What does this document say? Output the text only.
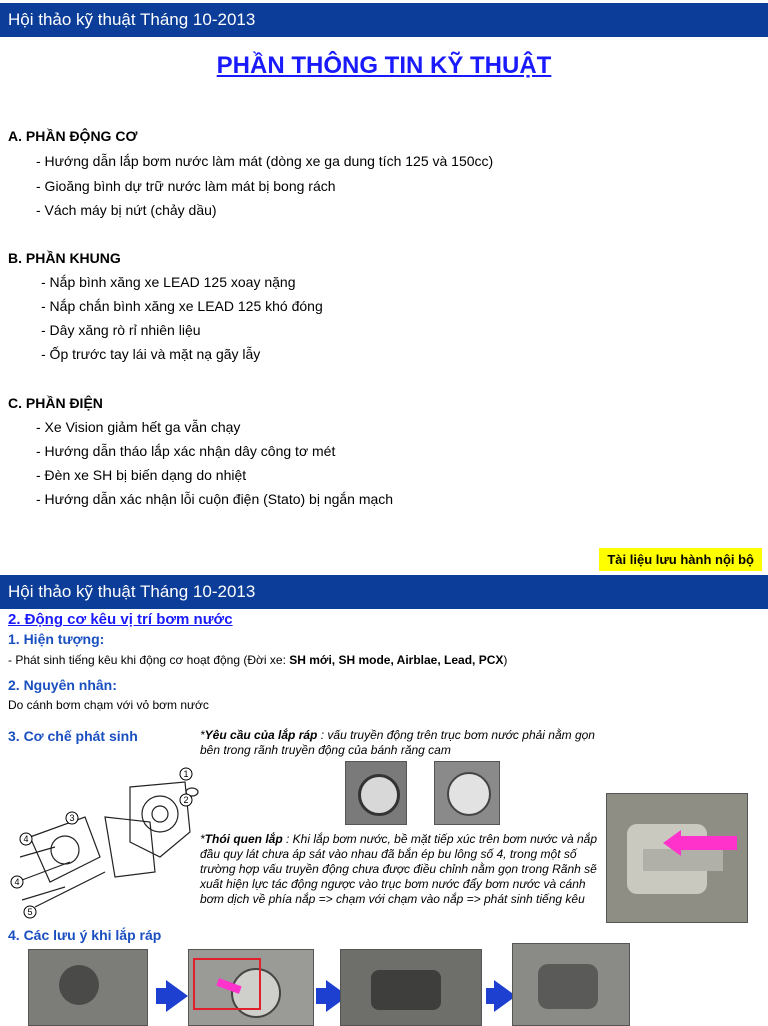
Hội thảo kỹ thuật Tháng 10-2013
PHẦN THÔNG TIN KỸ THUẬT
A. PHẦN ĐỘNG CƠ
- Hướng dẫn lắp bơm nước làm mát (dòng xe ga dung tích 125 và 150cc)
- Gioăng bình dự trữ nước làm mát bị bong rách
- Vách máy bị nứt (chảy dầu)
B. PHẦN KHUNG
- Nắp bình xăng xe LEAD 125 xoay nặng
- Nắp chắn bình xăng xe LEAD 125 khó đóng
- Dây xăng rò rỉ nhiên liệu
- Ốp trước tay lái và mặt nạ gãy lẫy
C. PHẦN ĐIỆN
- Xe Vision giảm hết ga vẫn chạy
- Hướng dẫn tháo lắp xác nhận dây công tơ mét
- Đèn xe SH bị biến dạng do nhiệt
- Hướng dẫn xác nhận lỗi cuộn điện (Stato) bị ngắn mạch
Tài liệu lưu hành nội bộ
Hội thảo kỹ thuật Tháng 10-2013
2. Động cơ kêu vị trí bơm nước
1. Hiện tượng:
- Phát sinh tiếng kêu khi động cơ hoạt động (Đời xe: SH mới, SH mode, Airblae, Lead, PCX)
2. Nguyên nhân:
Do cánh bơm chạm với vỏ bơm nước
3. Cơ chế phát sinh	*Yêu cầu của lắp ráp : vấu truyền động trên trục bơm nước phải nằm gọn bên trong rãnh truyền động của bánh răng cam
1
2
3
4
4
5
*Thói quen lắp : Khi lắp bơm nước, bề mặt tiếp xúc trên bơm nước và nắp đầu quy lát chưa áp sát vào nhau đã bắn ép bu lông số 4, trong một số trường hợp vấu truyền động chưa được điều chỉnh nằm gọn trong Rãnh sẽ xuất hiện lực tác động ngược vào trục bơm nước đẩy bơm nước và cánh bơm dịch về phía nắp => chạm với chạm vào nắp => phát sinh tiếng kêu
4. Các lưu ý khi lắp ráp
